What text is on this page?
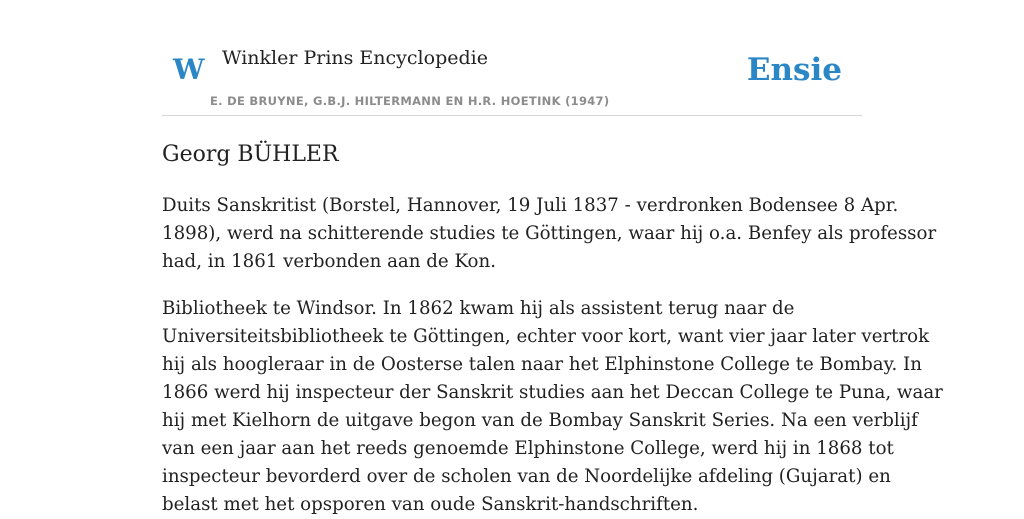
W Winkler Prins Encyclopedie
E. DE BRUYNE, G.B.J. HILTERMANN EN H.R. HOETINK (1947)
Ensie
Georg BÜHLER

Duits Sanskritist (Borstel, Hannover, 19 Juli 1837 - verdronken Bodensee 8 Apr.
1898), werd na schitterende studies te Göttingen, waar hij o.a. Benfey als professor
had, in 1861 verbonden aan de Kon.

Bibliotheek te Windsor. In 1862 kwam hij als assistent terug naar de
Universiteitsbibliotheek te Göttingen, echter voor kort, want vier jaar later vertrok
hij als hoogleraar in de Oosterse talen naar het Elphinstone College te Bombay. In
1866 werd hij inspecteur der Sanskrit studies aan het Deccan College te Puna, waar
hij met Kielhorn de uitgave begon van de Bombay Sanskrit Series. Na een verblijf
van een jaar aan het reeds genoemde Elphinstone College, werd hij in 1868 tot
inspecteur bevorderd over de scholen van de Noordelijke afdeling (Gujarat) en
belast met het opsporen van oude Sanskrit-handschriften.
